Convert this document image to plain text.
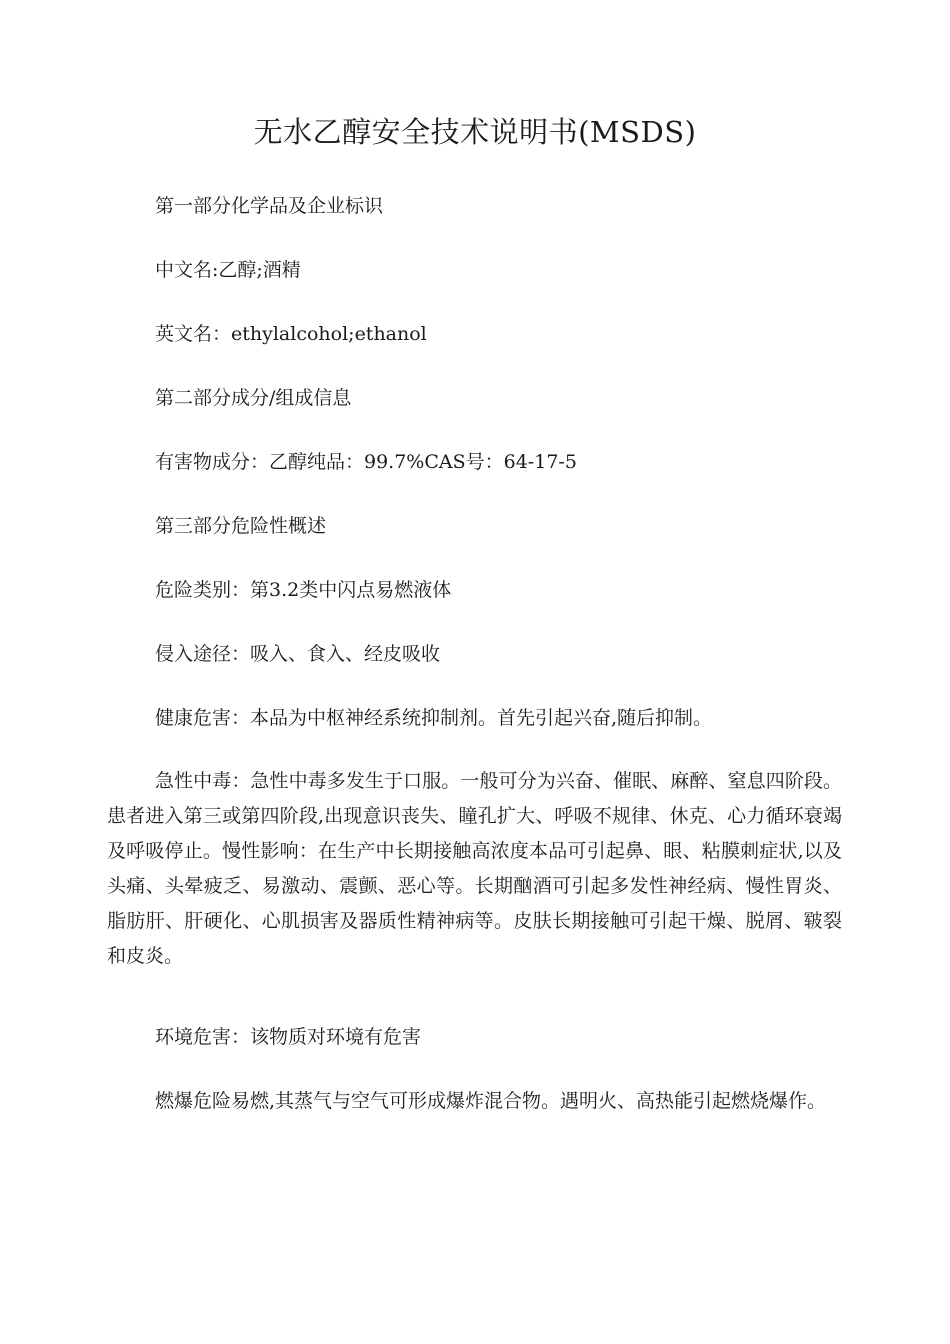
无水乙醇安全技术说明书(MSDS)
第一部分化学品及企业标识
中文名:乙醇;酒精
英文名：ethylalcohol;ethanol
第二部分成分/组成信息
有害物成分：乙醇纯品：99.7%CAS号：64-17-5
第三部分危险性概述
危险类别：第3.2类中闪点易燃液体
侵入途径：吸入、食入、经皮吸收
健康危害：本品为中枢神经系统抑制剂。首先引起兴奋,随后抑制。
急性中毒：急性中毒多发生于口服。一般可分为兴奋、催眠、麻醉、窒息四阶段。患者进入第三或第四阶段,出现意识丧失、瞳孔扩大、呼吸不规律、休克、心力循环衰竭及呼吸停止。慢性影响：在生产中长期接触高浓度本品可引起鼻、眼、粘膜刺症状,以及头痛、头晕疲乏、易激动、震颤、恶心等。长期酗酒可引起多发性神经病、慢性胃炎、脂肪肝、肝硬化、心肌损害及器质性精神病等。皮肤长期接触可引起干燥、脱屑、皲裂和皮炎。
环境危害：该物质对环境有危害
燃爆危险易燃,其蒸气与空气可形成爆炸混合物。遇明火、高热能引起燃烧爆作。
